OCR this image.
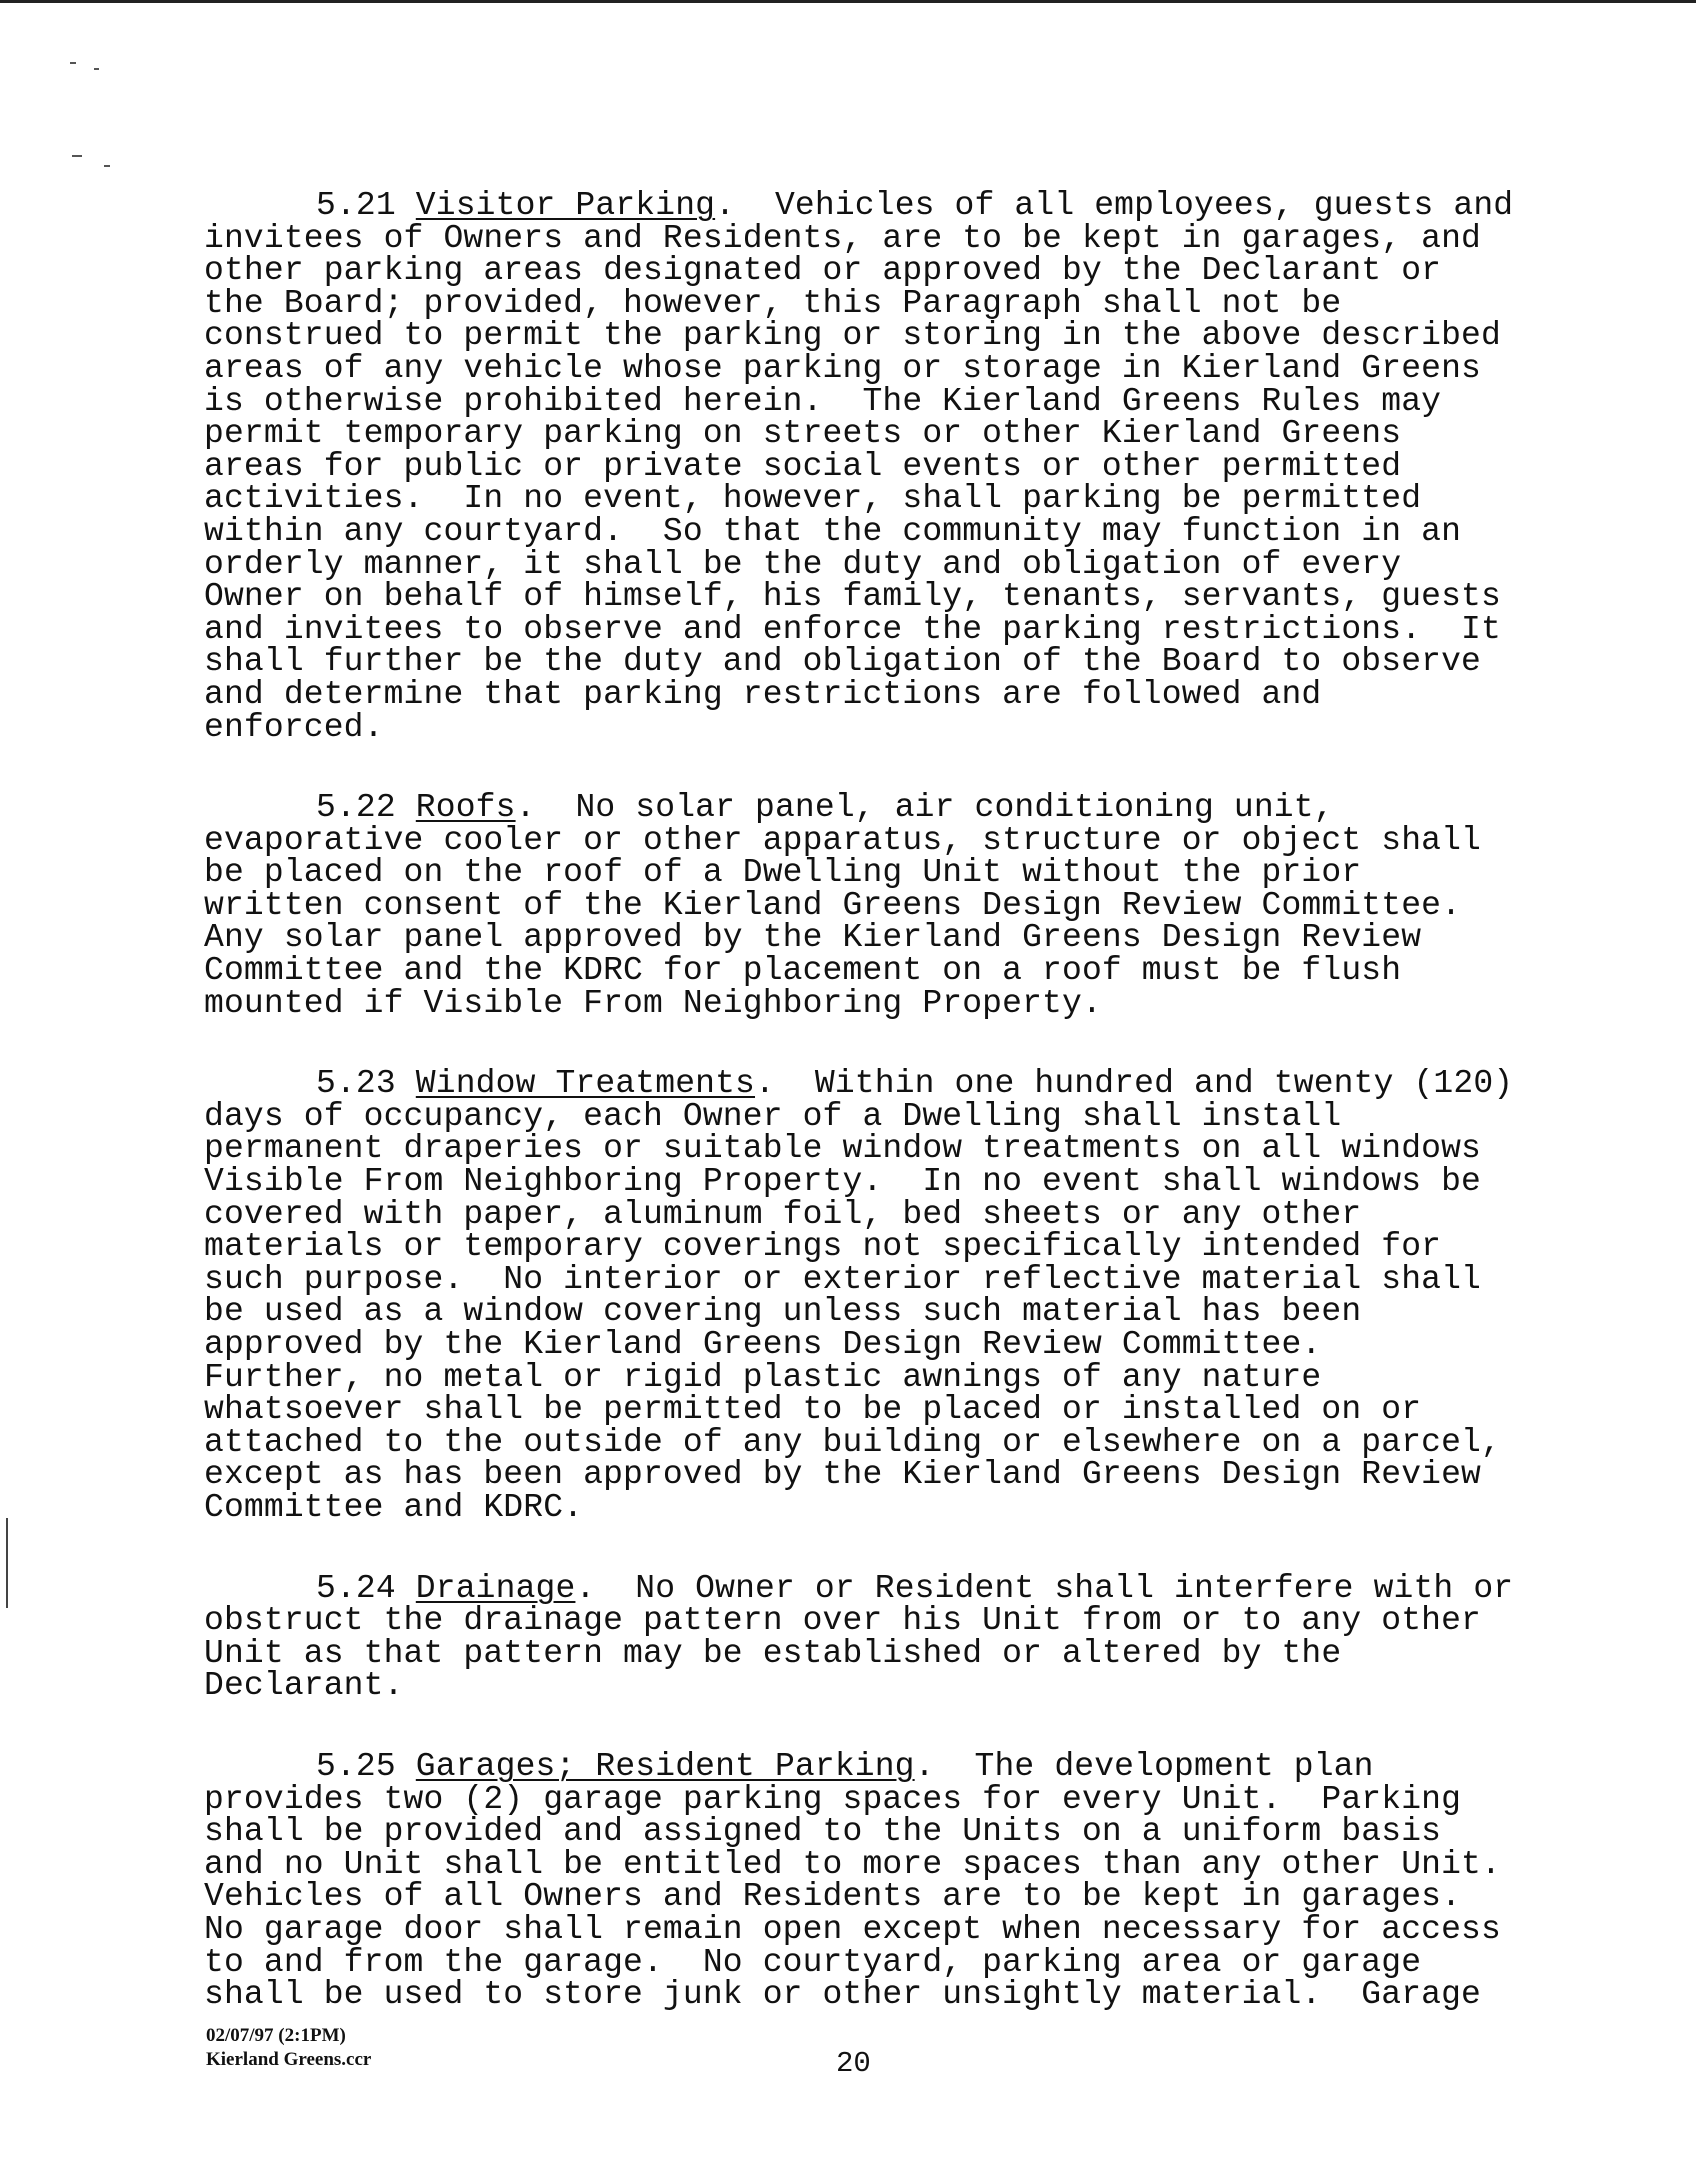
5.21 Visitor Parking.  Vehicles of all employees, guests and
invitees of Owners and Residents, are to be kept in garages, and
other parking areas designated or approved by the Declarant or
the Board; provided, however, this Paragraph shall not be
construed to permit the parking or storing in the above described
areas of any vehicle whose parking or storage in Kierland Greens
is otherwise prohibited herein.  The Kierland Greens Rules may
permit temporary parking on streets or other Kierland Greens
areas for public or private social events or other permitted
activities.  In no event, however, shall parking be permitted
within any courtyard.  So that the community may function in an
orderly manner, it shall be the duty and obligation of every
Owner on behalf of himself, his family, tenants, servants, guests
and invitees to observe and enforce the parking restrictions.  It
shall further be the duty and obligation of the Board to observe
and determine that parking restrictions are followed and
enforced.
5.22 Roofs.  No solar panel, air conditioning unit,
evaporative cooler or other apparatus, structure or object shall
be placed on the roof of a Dwelling Unit without the prior
written consent of the Kierland Greens Design Review Committee.
Any solar panel approved by the Kierland Greens Design Review
Committee and the KDRC for placement on a roof must be flush
mounted if Visible From Neighboring Property.
5.23 Window Treatments.  Within one hundred and twenty (120)
days of occupancy, each Owner of a Dwelling shall install
permanent draperies or suitable window treatments on all windows
Visible From Neighboring Property.  In no event shall windows be
covered with paper, aluminum foil, bed sheets or any other
materials or temporary coverings not specifically intended for
such purpose.  No interior or exterior reflective material shall
be used as a window covering unless such material has been
approved by the Kierland Greens Design Review Committee.
Further, no metal or rigid plastic awnings of any nature
whatsoever shall be permitted to be placed or installed on or
attached to the outside of any building or elsewhere on a parcel,
except as has been approved by the Kierland Greens Design Review
Committee and KDRC.
5.24 Drainage.  No Owner or Resident shall interfere with or
obstruct the drainage pattern over his Unit from or to any other
Unit as that pattern may be established or altered by the
Declarant.
5.25 Garages; Resident Parking.  The development plan
provides two (2) garage parking spaces for every Unit.  Parking
shall be provided and assigned to the Units on a uniform basis
and no Unit shall be entitled to more spaces than any other Unit.
Vehicles of all Owners and Residents are to be kept in garages.
No garage door shall remain open except when necessary for access
to and from the garage.  No courtyard, parking area or garage
shall be used to store junk or other unsightly material.  Garage
02/07/97 (2:1PM)
Kierland Greens.ccr	20
